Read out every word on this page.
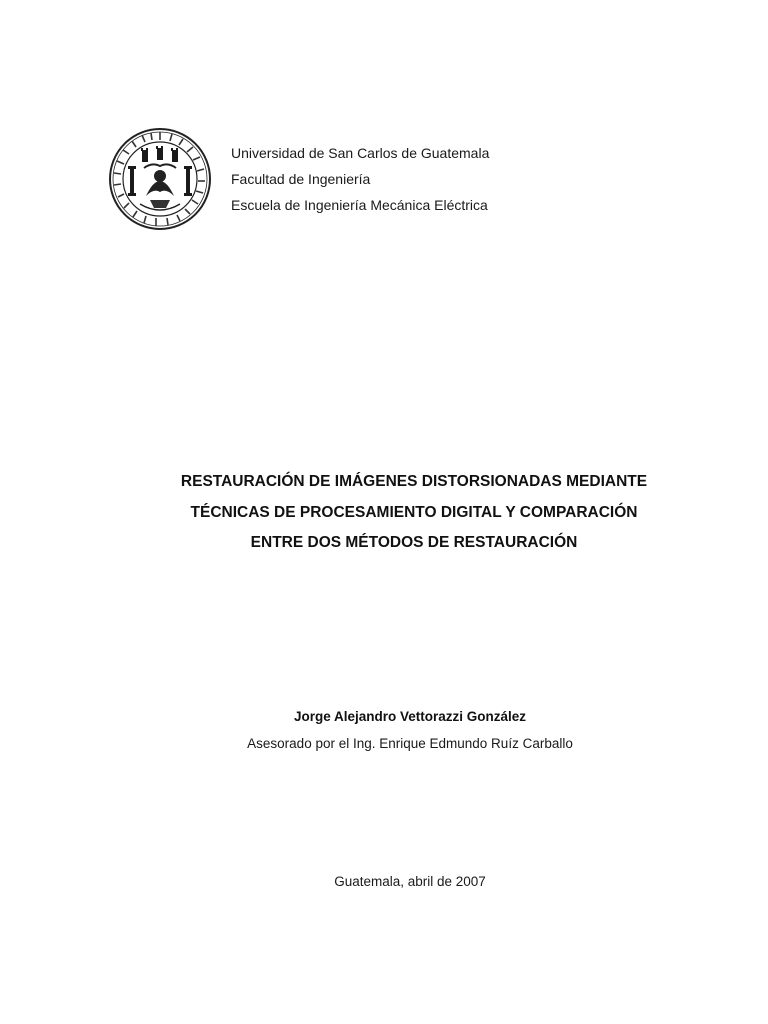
Universidad de San Carlos de Guatemala
Facultad de Ingeniería
Escuela de Ingeniería Mecánica Eléctrica
RESTAURACIÓN DE IMÁGENES DISTORSIONADAS MEDIANTE
TÉCNICAS DE PROCESAMIENTO DIGITAL Y COMPARACIÓN
ENTRE DOS MÉTODOS DE RESTAURACIÓN
Jorge Alejandro Vettorazzi González
Asesorado por el Ing. Enrique Edmundo Ruíz Carballo
Guatemala, abril de 2007
